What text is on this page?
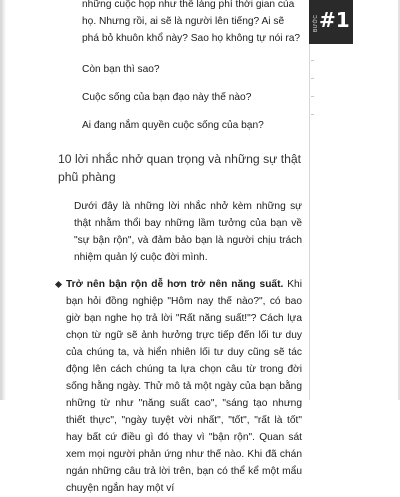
BƯỚC #1

những cuộc họp như thế làng phí thời gian của họ. Nhưng rồi, ai sẽ là người lên tiếng? Ai sẽ phá bỏ khuôn khổ này? Sao họ không tự nói ra?

Còn bạn thì sao?

Cuộc sống của bạn đạo này thế nào?

Ai đang nắm quyền cuộc sống của bạn?

10 lời nhắc nhở quan trọng và những sự thật phũ phàng

Dưới đây là những lời nhắc nhở kèm những sự thật nhằm thổi bay những lầm tưởng của bạn về "sự bận rộn", và đảm bảo bạn là người chịu trách nhiệm quản lý cuộc đời mình.

Trở nên bận rộn dễ hơn trở nên năng suất. Khi bạn hỏi đồng nghiệp "Hôm nay thế nào?", có bao giờ bạn nghe họ trả lời "Rất năng suất!"? Cách lựa chọn từ ngữ sẽ ảnh hưởng trực tiếp đến lối tư duy của chúng ta, và hiển nhiên lối tư duy cũng sẽ tác động lên cách chúng ta lựa chọn câu từ trong đời sống hằng ngày. Thử mô tả một ngày của bạn bằng những từ như "năng suất cao", "sáng tạo nhưng thiết thực", "ngày tuyệt vời nhất", "tốt", "rất là tốt" hay bất cứ điều gì đó thay vì "bận rộn". Quan sát xem mọi người phản ứng như thế nào. Khi đã chán ngán những câu trả lời trên, bạn có thể kể một mẩu chuyện ngắn hay một ví
